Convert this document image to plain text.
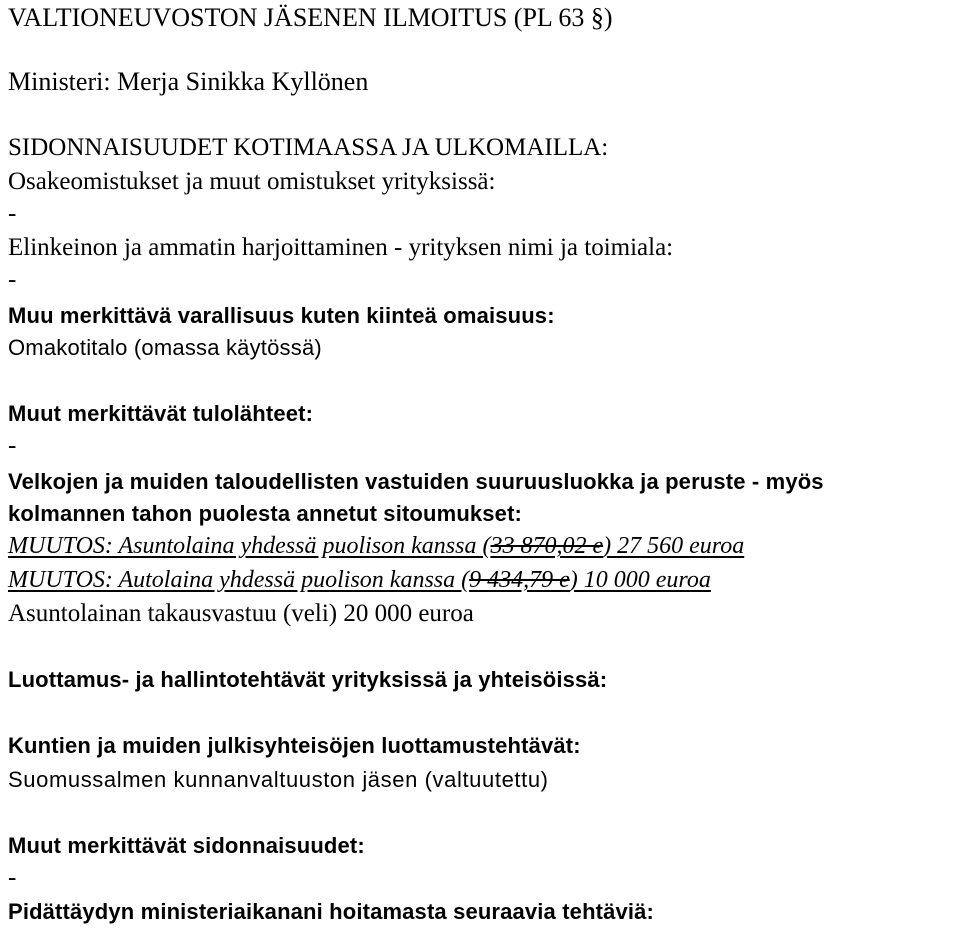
VALTIONEUVOSTON JÄSENEN ILMOITUS (PL 63 §)
Ministeri: Merja Sinikka Kyllönen
SIDONNAISUUDET KOTIMAASSA JA ULKOMAILLA:
Osakeomistukset ja muut omistukset yrityksissä:
-
Elinkeinon ja ammatin harjoittaminen - yrityksen nimi ja toimiala:
-
Muu merkittävä varallisuus kuten kiinteä omaisuus:
Omakotitalo (omassa käytössä)
Muut merkittävät tulolähteet:
-
Velkojen ja muiden taloudellisten vastuiden suuruusluokka ja peruste - myös
kolmannen tahon puolesta annetut sitoumukset:
MUUTOS: Asuntolaina yhdessä puolison kanssa (33 870,02 e) 27 560 euroa
MUUTOS: Autolaina yhdessä puolison kanssa (9 434,79 e) 10 000 euroa
Asuntolainan takausvastuu (veli) 20 000 euroa
Luottamus- ja hallintotehtävät yrityksissä ja yhteisöissä:
Kuntien ja muiden julkisyhteisöjen luottamustehtävät:
Suomussalmen kunnanvaltuuston jäsen (valtuutettu)
Muut merkittävät sidonnaisuudet:
-
Pidättäydyn ministeriaikanani hoitamasta seuraavia tehtäviä:
